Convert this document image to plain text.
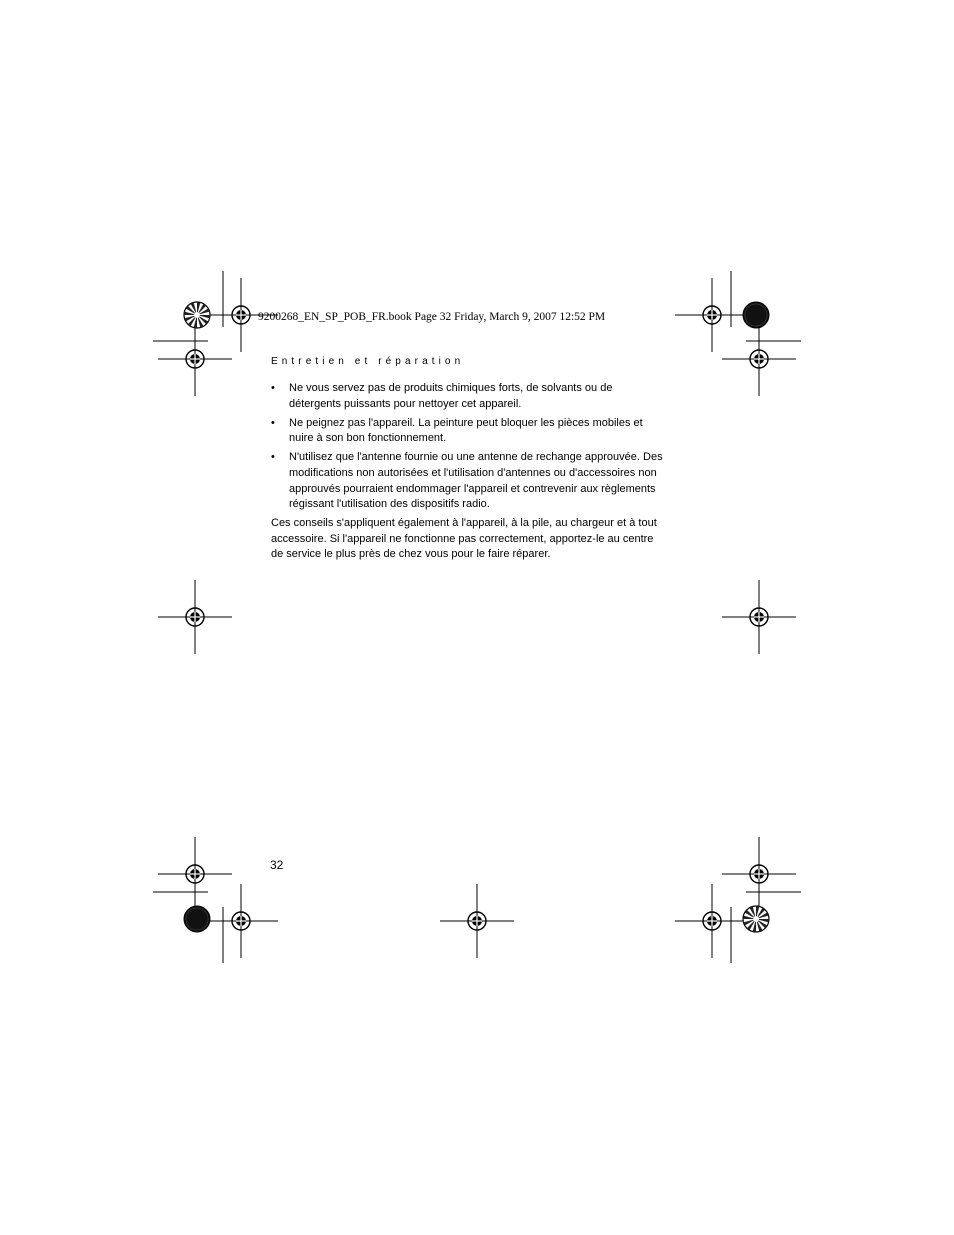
9200268_EN_SP_POB_FR.book Page 32 Friday, March 9, 2007 12:52 PM
Entretien et réparation
• Ne vous servez pas de produits chimiques forts, de solvants ou de détergents puissants pour nettoyer cet appareil.
• Ne peignez pas l'appareil. La peinture peut bloquer les pièces mobiles et nuire à son bon fonctionnement.
• N'utilisez que l'antenne fournie ou une antenne de rechange approuvée. Des modifications non autorisées et l'utilisation d'antennes ou d'accessoires non approuvés pourraient endommager l'appareil et contrevenir aux règlements régissant l'utilisation des dispositifs radio.

Ces conseils s'appliquent également à l'appareil, à la pile, au chargeur et à tout accessoire. Si l'appareil ne fonctionne pas correctement, apportez-le au centre de service le plus près de chez vous pour le faire réparer.

32
